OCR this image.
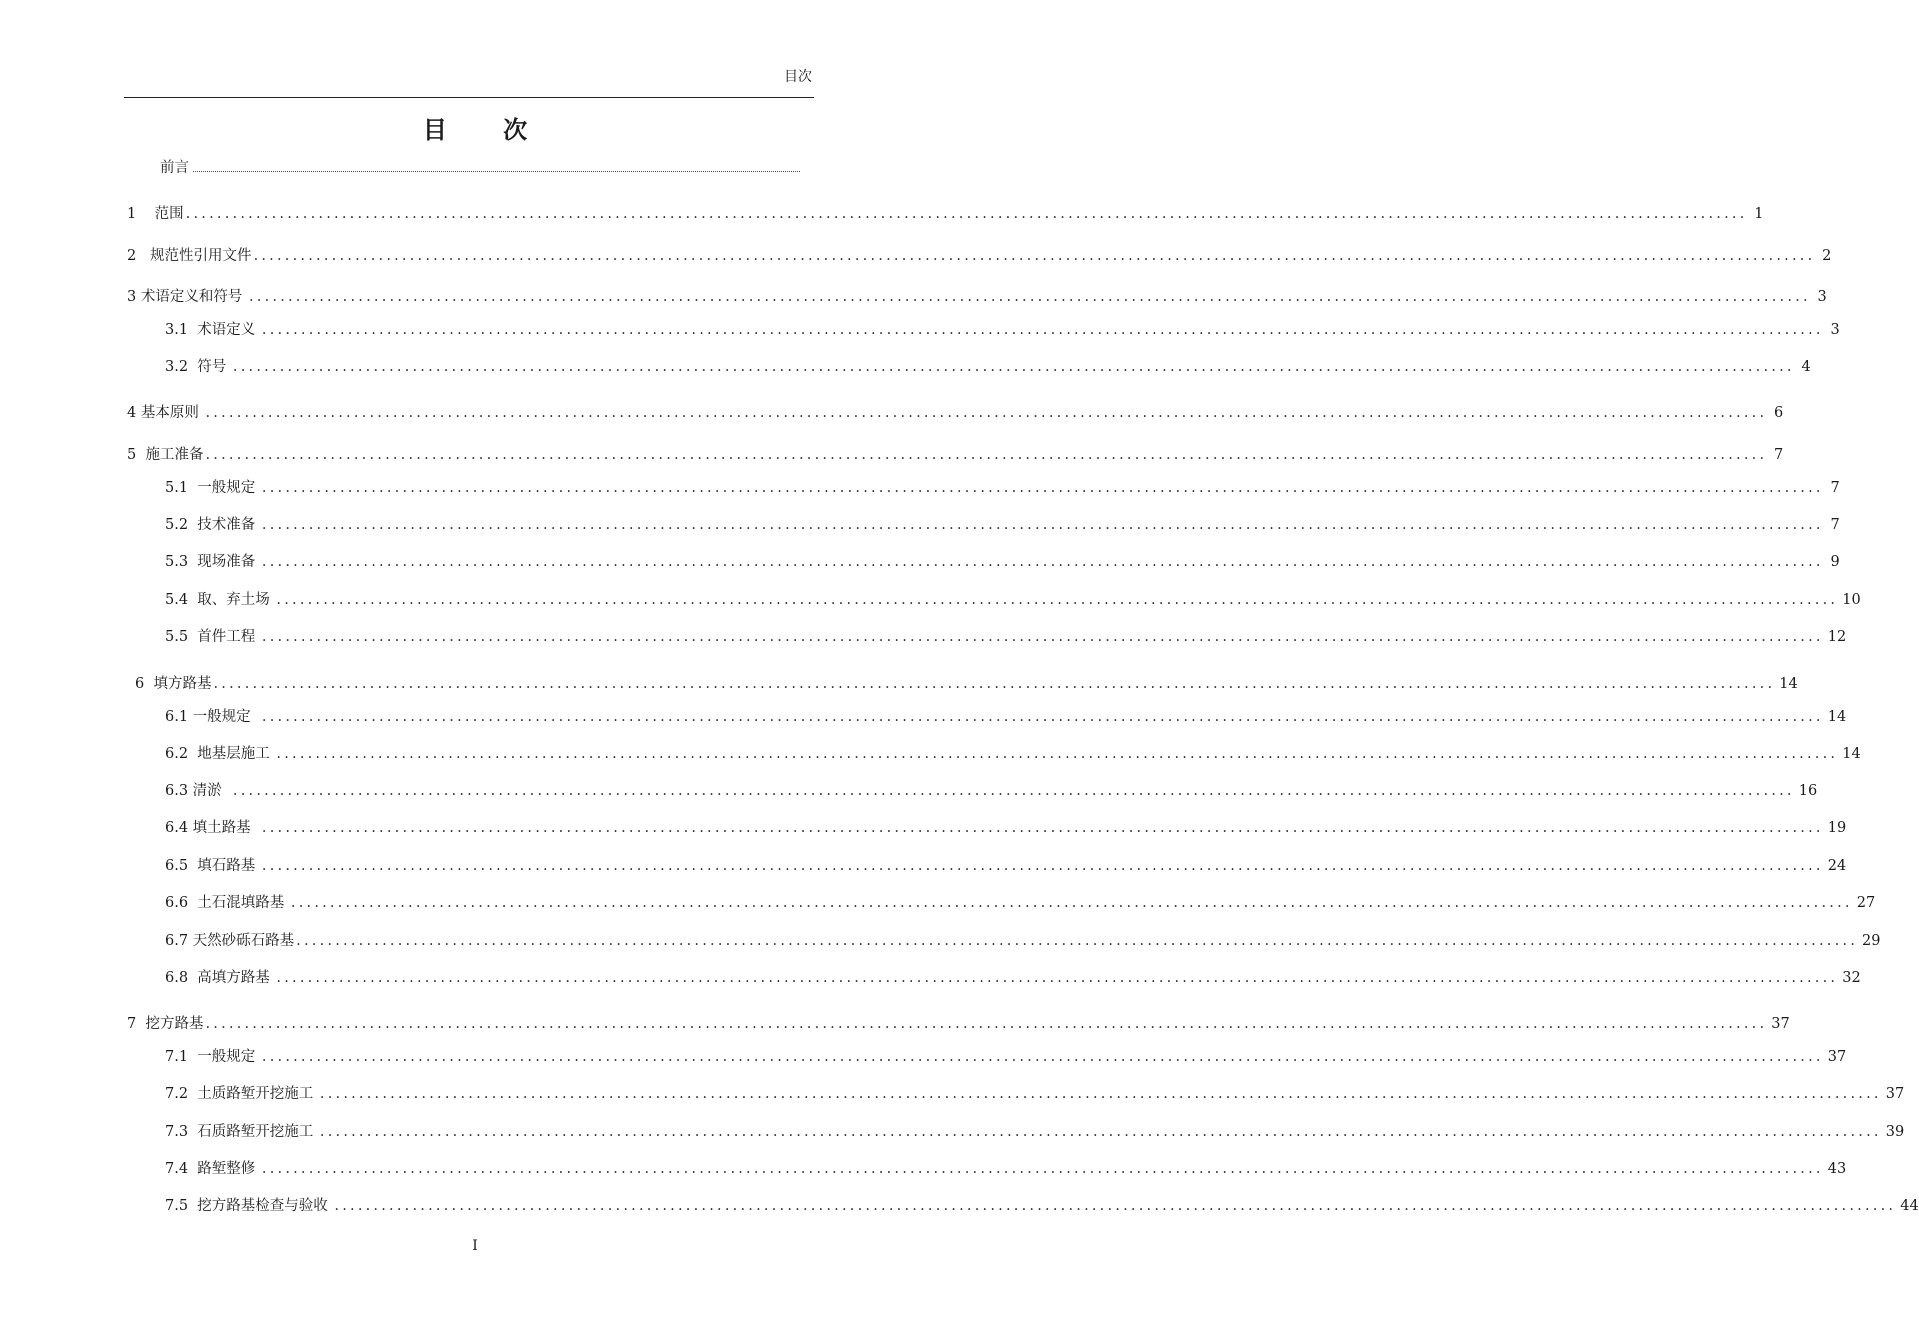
目次
目 次
前言
1    范围 ........................................................................................................................................................................................................ 1
2   规范性引用文件 ........................................................................................................................................................................................................ 2
3 术语定义和符号 ........................................................................................................................................................................................................ 3
3.1  术语定义 ........................................................................................................................................................................................................ 3
3.2  符号 ........................................................................................................................................................................................................ 4
4 基本原则 ........................................................................................................................................................................................................ 6
5  施工准备 ........................................................................................................................................................................................................ 7
5.1  一般规定 ........................................................................................................................................................................................................ 7
5.2  技术准备 ........................................................................................................................................................................................................ 7
5.3  现场准备 ........................................................................................................................................................................................................ 9
5.4  取、弃土场 ........................................................................................................................................................................................................ 10
5.5  首件工程 ........................................................................................................................................................................................................ 12
6  填方路基 ........................................................................................................................................................................................................ 14
6.1 一般规定 ........................................................................................................................................................................................................ 14
6.2  地基层施工 ........................................................................................................................................................................................................ 14
6.3 清淤 ........................................................................................................................................................................................................ 16
6.4 填土路基 ........................................................................................................................................................................................................ 19
6.5  填石路基 ........................................................................................................................................................................................................ 24
6.6  土石混填路基 ........................................................................................................................................................................................................ 27
6.7 天然砂砾石路基 ........................................................................................................................................................................................................ 29
6.8  高填方路基 ........................................................................................................................................................................................................ 32
7  挖方路基 ........................................................................................................................................................................................................ 37
7.1  一般规定 ........................................................................................................................................................................................................ 37
7.2  土质路堑开挖施工 ........................................................................................................................................................................................................ 37
7.3  石质路堑开挖施工 ........................................................................................................................................................................................................ 39
7.4  路堑整修 ........................................................................................................................................................................................................ 43
7.5  挖方路基检查与验收 ........................................................................................................................................................................................................ 44
I
